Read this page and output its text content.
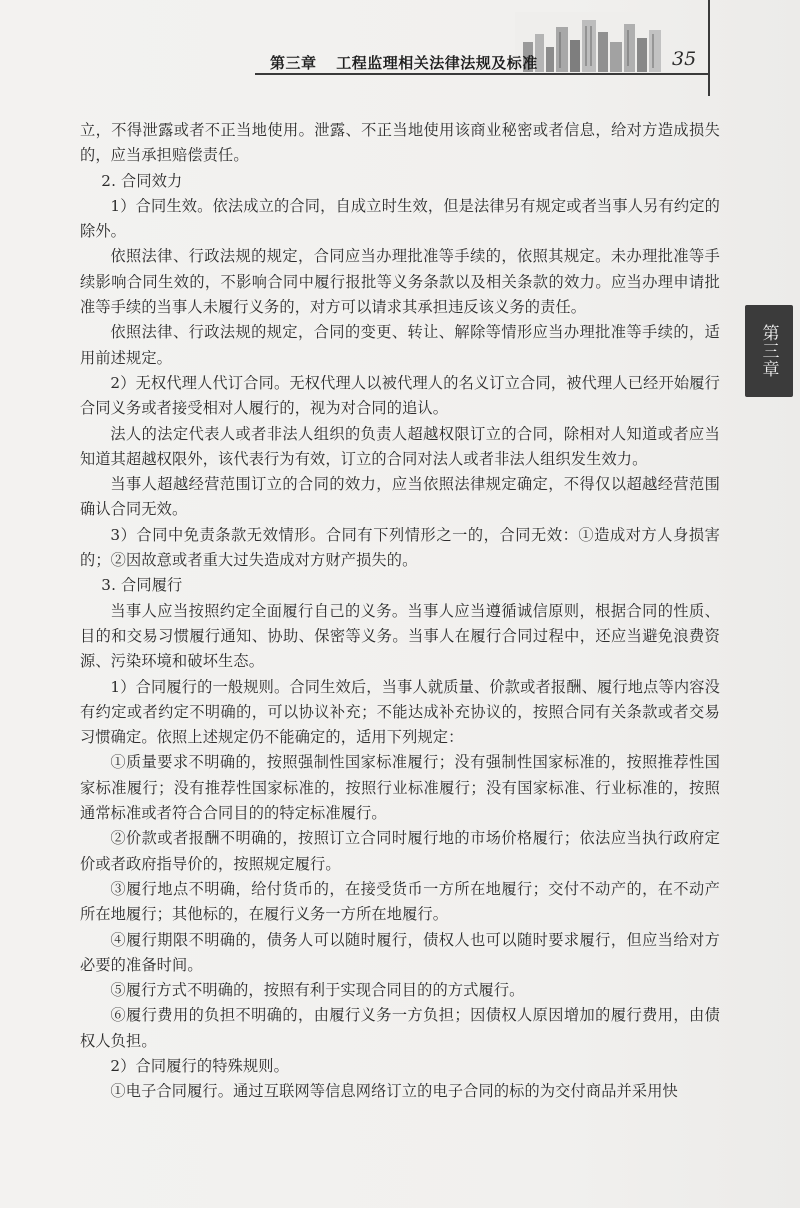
第三章 工程监理相关法律法规及标准	35
第三章

立，不得泄露或者不正当地使用。泄露、不正当地使用该商业秘密或者信息，给对方造成损失的，应当承担赔偿责任。

2. 合同效力

1）合同生效。依法成立的合同，自成立时生效，但是法律另有规定或者当事人另有约定的除外。

依照法律、行政法规的规定，合同应当办理批准等手续的，依照其规定。未办理批准等手续影响合同生效的，不影响合同中履行报批等义务条款以及相关条款的效力。应当办理申请批准等手续的当事人未履行义务的，对方可以请求其承担违反该义务的责任。

依照法律、行政法规的规定，合同的变更、转让、解除等情形应当办理批准等手续的，适用前述规定。

2）无权代理人代订合同。无权代理人以被代理人的名义订立合同，被代理人已经开始履行合同义务或者接受相对人履行的，视为对合同的追认。

法人的法定代表人或者非法人组织的负责人超越权限订立的合同，除相对人知道或者应当知道其超越权限外，该代表行为有效，订立的合同对法人或者非法人组织发生效力。

当事人超越经营范围订立的合同的效力，应当依照法律规定确定，不得仅以超越经营范围确认合同无效。

3）合同中免责条款无效情形。合同有下列情形之一的，合同无效：①造成对方人身损害的；②因故意或者重大过失造成对方财产损失的。

3. 合同履行

当事人应当按照约定全面履行自己的义务。当事人应当遵循诚信原则，根据合同的性质、目的和交易习惯履行通知、协助、保密等义务。当事人在履行合同过程中，还应当避免浪费资源、污染环境和破坏生态。

1）合同履行的一般规则。合同生效后，当事人就质量、价款或者报酬、履行地点等内容没有约定或者约定不明确的，可以协议补充；不能达成补充协议的，按照合同有关条款或者交易习惯确定。依照上述规定仍不能确定的，适用下列规定：

①质量要求不明确的，按照强制性国家标准履行；没有强制性国家标准的，按照推荐性国家标准履行；没有推荐性国家标准的，按照行业标准履行；没有国家标准、行业标准的，按照通常标准或者符合合同目的的特定标准履行。

②价款或者报酬不明确的，按照订立合同时履行地的市场价格履行；依法应当执行政府定价或者政府指导价的，按照规定履行。

③履行地点不明确，给付货币的，在接受货币一方所在地履行；交付不动产的，在不动产所在地履行；其他标的，在履行义务一方所在地履行。

④履行期限不明确的，债务人可以随时履行，债权人也可以随时要求履行，但应当给对方必要的准备时间。

⑤履行方式不明确的，按照有利于实现合同目的的方式履行。

⑥履行费用的负担不明确的，由履行义务一方负担；因债权人原因增加的履行费用，由债权人负担。

2）合同履行的特殊规则。

①电子合同履行。通过互联网等信息网络订立的电子合同的标的为交付商品并采用快
